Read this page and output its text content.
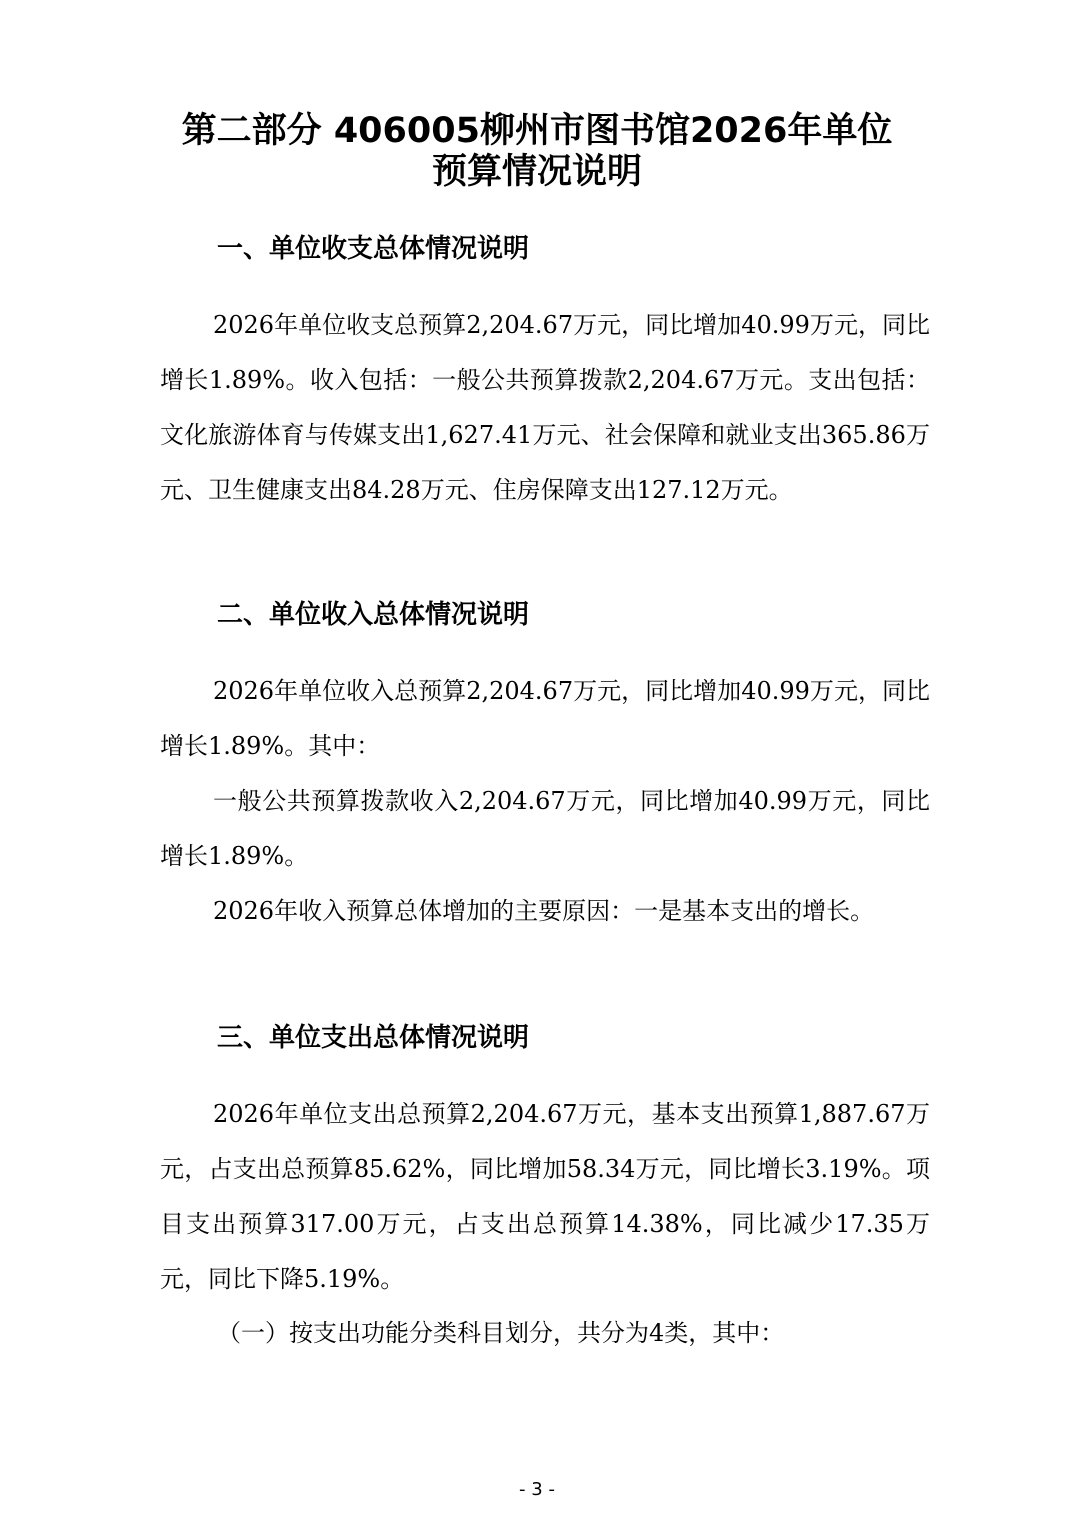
第二部分 406005柳州市图书馆2026年单位
预算情况说明
一、单位收支总体情况说明

2026年单位收支总预算2,204.67万元，同比增加40.99万元，同比增长1.89%。收入包括：一般公共预算拨款2,204.67万元。支出包括：文化旅游体育与传媒支出1,627.41万元、社会保障和就业支出365.86万元、卫生健康支出84.28万元、住房保障支出127.12万元。

二、单位收入总体情况说明

2026年单位收入总预算2,204.67万元，同比增加40.99万元，同比增长1.89%。其中：

一般公共预算拨款收入2,204.67万元，同比增加40.99万元，同比增长1.89%。

2026年收入预算总体增加的主要原因：一是基本支出的增长。

三、单位支出总体情况说明

2026年单位支出总预算2,204.67万元，基本支出预算1,887.67万元，占支出总预算85.62%，同比增加58.34万元，同比增长3.19%。项目支出预算317.00万元，占支出总预算14.38%，同比减少17.35万元，同比下降5.19%。

（一）按支出功能分类科目划分，共分为4类，其中：

- 3 -
